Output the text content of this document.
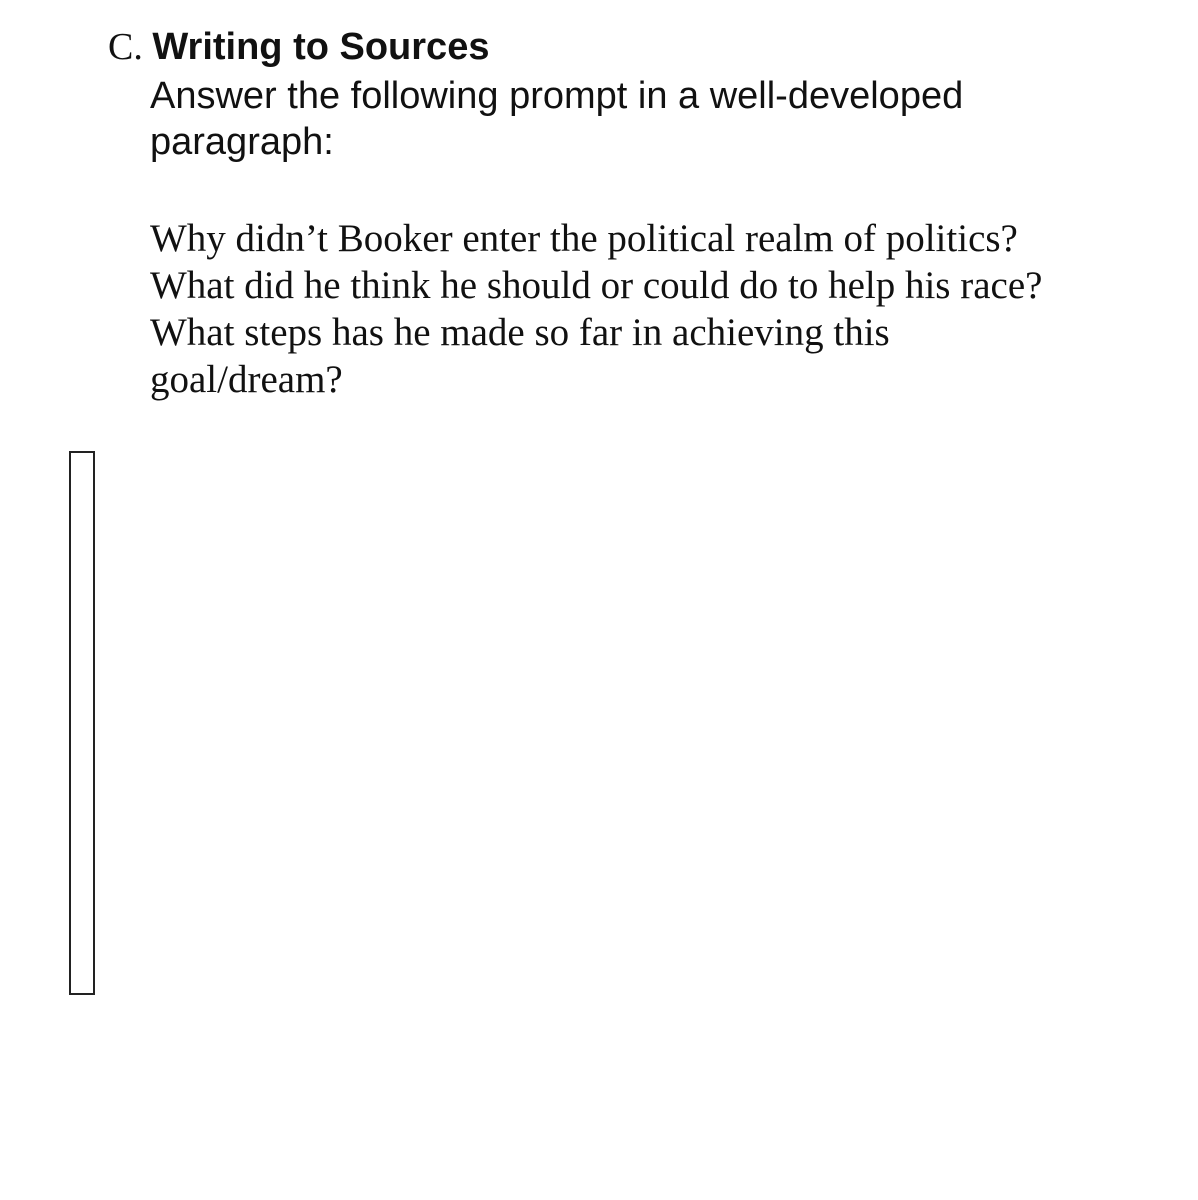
C. Writing to Sources
Answer the following prompt in a well-developed
paragraph:
Why didn’t Booker enter the political realm of politics?
What did he think he should or could do to help his race?
What steps has he made so far in achieving this
goal/dream?
